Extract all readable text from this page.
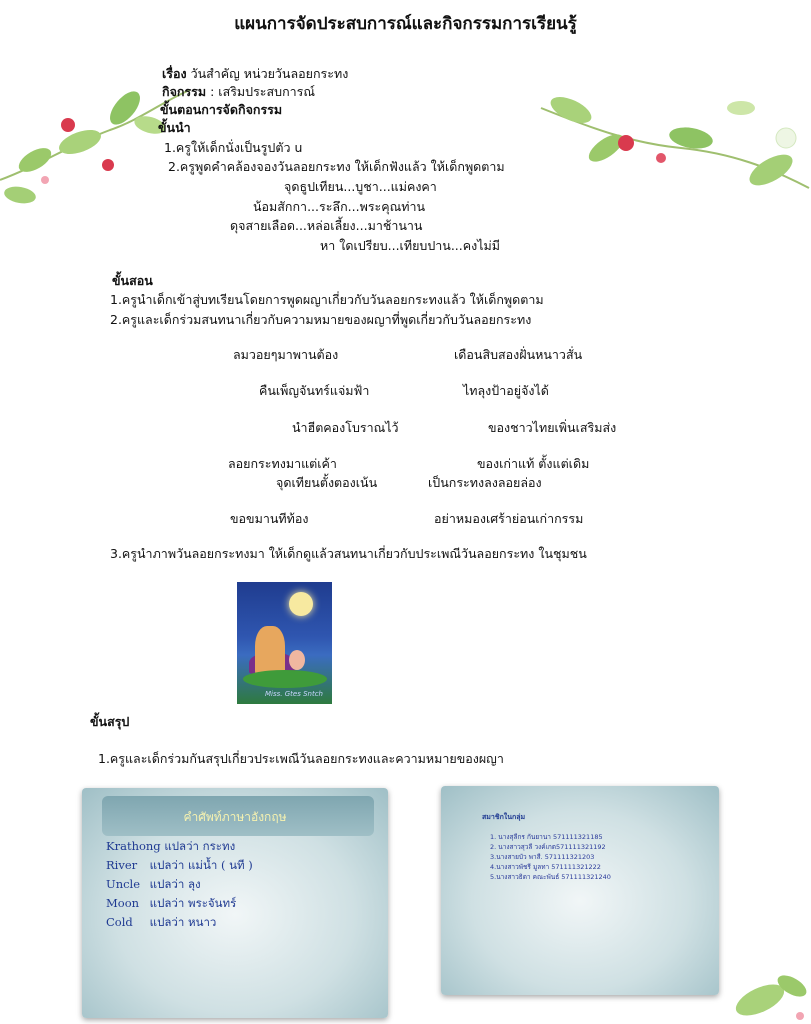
แผนการจัดประสบการณ์และกิจกรรมการเรียนรู้
เรื่อง วันสำคัญ หน่วยวันลอยกระทง
กิจกรรม : เสริมประสบการณ์
ขั้นตอนการจัดกิจกรรม
ขั้นนำ
1.ครูให้เด็กนั่งเป็นรูปตัว u
2.ครูพูดคำคล้องจองวันลอยกระทง ให้เด็กฟังแล้ว ให้เด็กพูดตาม
จุดธูปเทียน...บูชา...แม่คงคา
น้อมสักกา...ระลึก...พระคุณท่าน
ดุจสายเลือด...หล่อเลี้ยง...มาช้านาน
หา ใดเปรียบ...เทียบปาน...คงไม่มี
ขั้นสอน
1.ครูนำเด็กเข้าสู่บทเรียนโดยการพูดผญาเกี่ยวกับวันลอยกระทงแล้ว ให้เด็กพูดตาม
2.ครูและเด็กร่วมสนทนาเกี่ยวกับความหมายของผญาที่พูดเกี่ยวกับวันลอยกระทง
ลมวอยๆมาพานต้อง	เดือนสิบสองฝั่นหนาวสั่น
คืนเพ็ญจันทร์แจ่มฟ้า	ไทลุงป้าอยู่จังได้
นำฮีตคองโบราณไว้	ของชาวไทยเพิ่นเสริมส่ง
ลอยกระทงมาแต่เค้า	ของเก่าแท้ ตั้งแต่เดิม
จุดเทียนตั้งตองเน้น	เป็นกระทงลงลอยล่อง
ขอขมานทีท้อง	อย่าหมองเศร้าย่อนเก่ากรรม
3.ครูนำภาพวันลอยกระทงมา ให้เด็กดูแล้วสนทนาเกี่ยวกับประเพณีวันลอยกระทง ในชุมชน
Miss. Gtes Sntch
ขั้นสรุป
1.ครูและเด็กร่วมกันสรุปเกี่ยวประเพณีวันลอยกระทงและความหมายของผญา
คำศัพท์ภาษาอังกฤษ
Krathong แปลว่า กระทง
River แปลว่า แม่น้ำ ( นที )
Uncle แปลว่า ลุง
Moon แปลว่า พระจันทร์
Cold แปลว่า หนาว
สมาชิกในกลุ่ม
1. นางสุลีกร กันยานา 571111321185
2. นางสาวสุวลี วงค์เกต571111321192
3.นางสายบัว พาสี. 571111321203
4.นางสาวพัชรี มูลทา 571111321222
5.นางสาวธิดา คณะพันธ์ 571111321240
